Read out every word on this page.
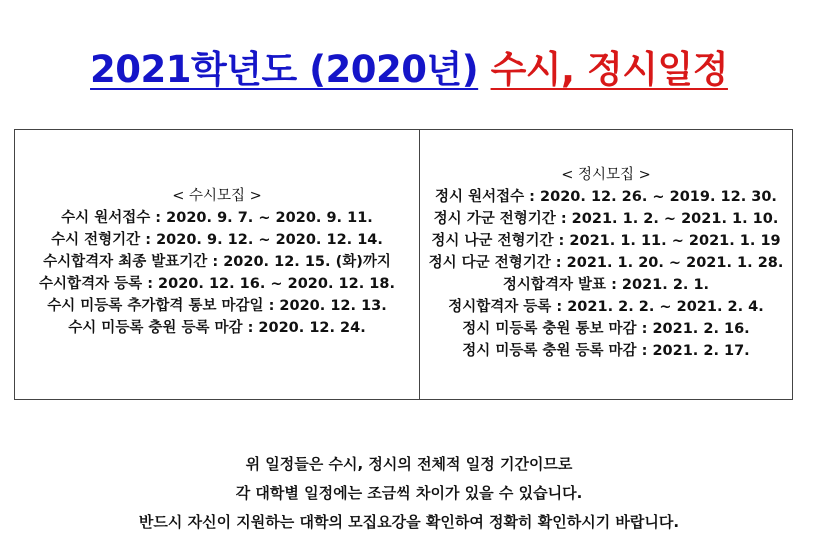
2021학년도 (2020년) 수시, 정시일정
< 수시모집 >
수시 원서접수 : 2020. 9. 7. ~ 2020. 9. 11.
수시 전형기간 : 2020. 9. 12. ~ 2020. 12. 14.
수시합격자 최종 발표기간 : 2020. 12. 15. (화)까지
수시합격자 등록 : 2020. 12. 16. ~ 2020. 12. 18.
수시 미등록 추가합격 통보 마감일 : 2020. 12. 13.
수시 미등록 충원 등록 마감 : 2020. 12. 24.
< 정시모집 >
정시 원서접수 : 2020. 12. 26. ~ 2019. 12. 30.
정시 가군 전형기간 : 2021. 1. 2. ~ 2021. 1. 10.
정시 나군 전형기간 : 2021. 1. 11. ~ 2021. 1. 19
정시 다군 전형기간 : 2021. 1. 20. ~ 2021. 1. 28.
정시합격자 발표 : 2021. 2. 1.
정시합격자 등록 : 2021. 2. 2. ~ 2021. 2. 4.
정시 미등록 충원 통보 마감 : 2021. 2. 16.
정시 미등록 충원 등록 마감 : 2021. 2. 17.
위 일정들은 수시, 정시의 전체적 일정 기간이므로
각 대학별 일정에는 조금씩 차이가 있을 수 있습니다.
반드시 자신이 지원하는 대학의 모집요강을 확인하여 정확히 확인하시기 바랍니다.
